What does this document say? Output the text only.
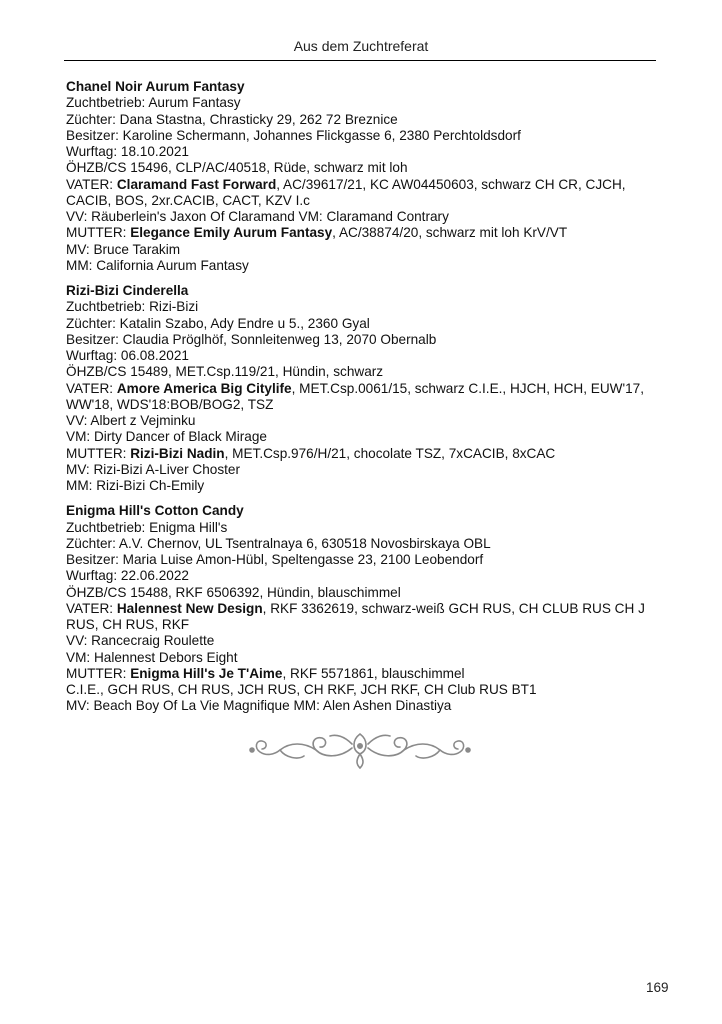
Aus dem Zuchtreferat
Chanel Noir Aurum Fantasy
Zuchtbetrieb: Aurum Fantasy
Züchter: Dana Stastna, Chrasticky 29, 262 72 Breznice
Besitzer: Karoline Schermann, Johannes Flickgasse 6, 2380 Perchtoldsdorf
Wurftag: 18.10.2021
ÖHZB/CS 15496, CLP/AC/40518, Rüde, schwarz mit loh
VATER: Claramand Fast Forward, AC/39617/21, KC AW04450603, schwarz CH CR, CJCH, CACIB, BOS, 2xr.CACIB, CACT, KZV I.c
VV: Räuberlein's Jaxon Of Claramand VM: Claramand Contrary
MUTTER: Elegance Emily Aurum Fantasy, AC/38874/20, schwarz mit loh KrV/VT
MV: Bruce Tarakim
MM: California Aurum Fantasy
Rizi-Bizi Cinderella
Zuchtbetrieb: Rizi-Bizi
Züchter: Katalin Szabo, Ady Endre u 5., 2360 Gyal
Besitzer: Claudia Pröglhöf, Sonnleitenweg 13, 2070 Obernalb
Wurftag: 06.08.2021
ÖHZB/CS 15489, MET.Csp.119/21, Hündin, schwarz
VATER: Amore America Big Citylife, MET.Csp.0061/15, schwarz C.I.E., HJCH, HCH, EUW'17, WW'18, WDS'18:BOB/BOG2, TSZ
VV: Albert z Vejminku
VM: Dirty Dancer of Black Mirage
MUTTER: Rizi-Bizi Nadin, MET.Csp.976/H/21, chocolate TSZ, 7xCACIB, 8xCAC
MV: Rizi-Bizi A-Liver Choster
MM: Rizi-Bizi Ch-Emily
Enigma Hill's Cotton Candy
Zuchtbetrieb: Enigma Hill's
Züchter: A.V. Chernov, UL Tsentralnaya 6, 630518 Novosbirskaya OBL
Besitzer: Maria Luise Amon-Hübl, Speltengasse 23, 2100 Leobendorf
Wurftag: 22.06.2022
ÖHZB/CS 15488, RKF 6506392, Hündin, blauschimmel
VATER: Halennest New Design, RKF 3362619, schwarz-weiß GCH RUS, CH CLUB RUS CH J RUS, CH RUS, RKF
VV: Rancecraig Roulette
VM: Halennest Debors Eight
MUTTER: Enigma Hill's Je T'Aime, RKF 5571861, blauschimmel
C.I.E., GCH RUS, CH RUS, JCH RUS, CH RKF, JCH RKF, CH Club RUS BT1
MV: Beach Boy Of La Vie Magnifique MM: Alen Ashen Dinastiya
169
